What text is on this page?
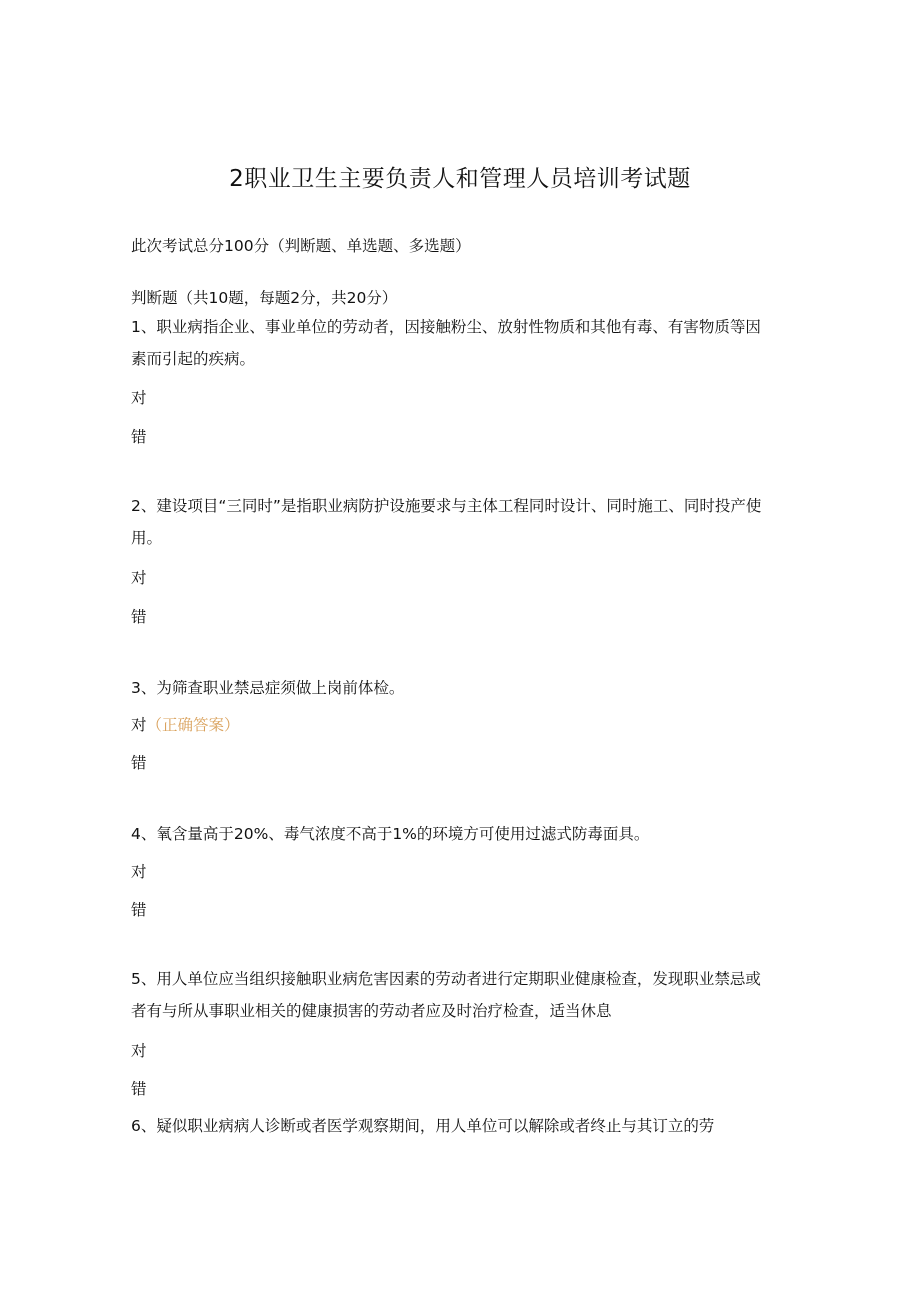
2职业卫生主要负责人和管理人员培训考试题
此次考试总分100分（判断题、单选题、多选题）
判断题（共10题，每题2分，共20分）
1、职业病指企业、事业单位的劳动者，因接触粉尘、放射性物质和其他有毒、有害物质等因素而引起的疾病。
对
错
2、建设项目“三同时”是指职业病防护设施要求与主体工程同时设计、同时施工、同时投产使用。
对
错
3、为筛查职业禁忌症须做上岗前体检。
对（正确答案）
错
4、氧含量高于20%、毒气浓度不高于1%的环境方可使用过滤式防毒面具。
对
错
5、用人单位应当组织接触职业病危害因素的劳动者进行定期职业健康检查，发现职业禁忌或者有与所从事职业相关的健康损害的劳动者应及时治疗检查，适当休息
对
错
6、疑似职业病病人诊断或者医学观察期间，用人单位可以解除或者终止与其订立的劳
